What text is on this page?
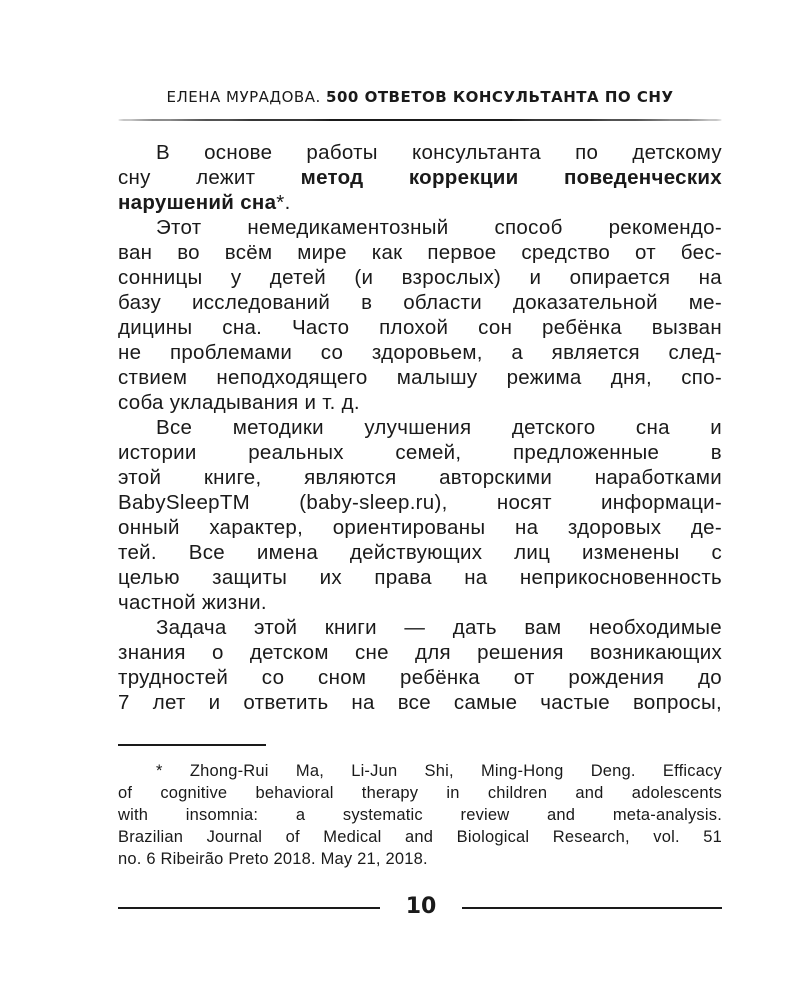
ЕЛЕНА МУРАДОВА. 500 ОТВЕТОВ КОНСУЛЬТАНТА ПО СНУ

В основе работы консультанта по детскому
сну лежит метод коррекции поведенческих
нарушений сна*.

Этот немедикаментозный способ рекомендо-
ван во всём мире как первое средство от бес-
сонницы у детей (и взрослых) и опирается на
базу исследований в области доказательной ме-
дицины сна. Часто плохой сон ребёнка вызван
не проблемами со здоровьем, а является след-
ствием неподходящего малышу режима дня, спо-
соба укладывания и т. д.

Все методики улучшения детского сна и
истории реальных семей, предложенные в
этой книге, являются авторскими наработками
BabySleepTM (baby-sleep.ru), носят информаци-
онный характер, ориентированы на здоровых де-
тей. Все имена действующих лиц изменены с
целью защиты их права на неприкосновенность
частной жизни.

Задача этой книги — дать вам необходимые
знания о детском сне для решения возникающих
трудностей со сном ребёнка от рождения до
7 лет и ответить на все самые частые вопросы,

* Zhong-Rui Ma, Li-Jun Shi, Ming-Hong Deng. Efficacy
of cognitive behavioral therapy in children and adolescents
with insomnia: a systematic review and meta-analysis.
Brazilian Journal of Medical and Biological Research, vol. 51
no. 6 Ribeirão Preto 2018. May 21, 2018.
10
